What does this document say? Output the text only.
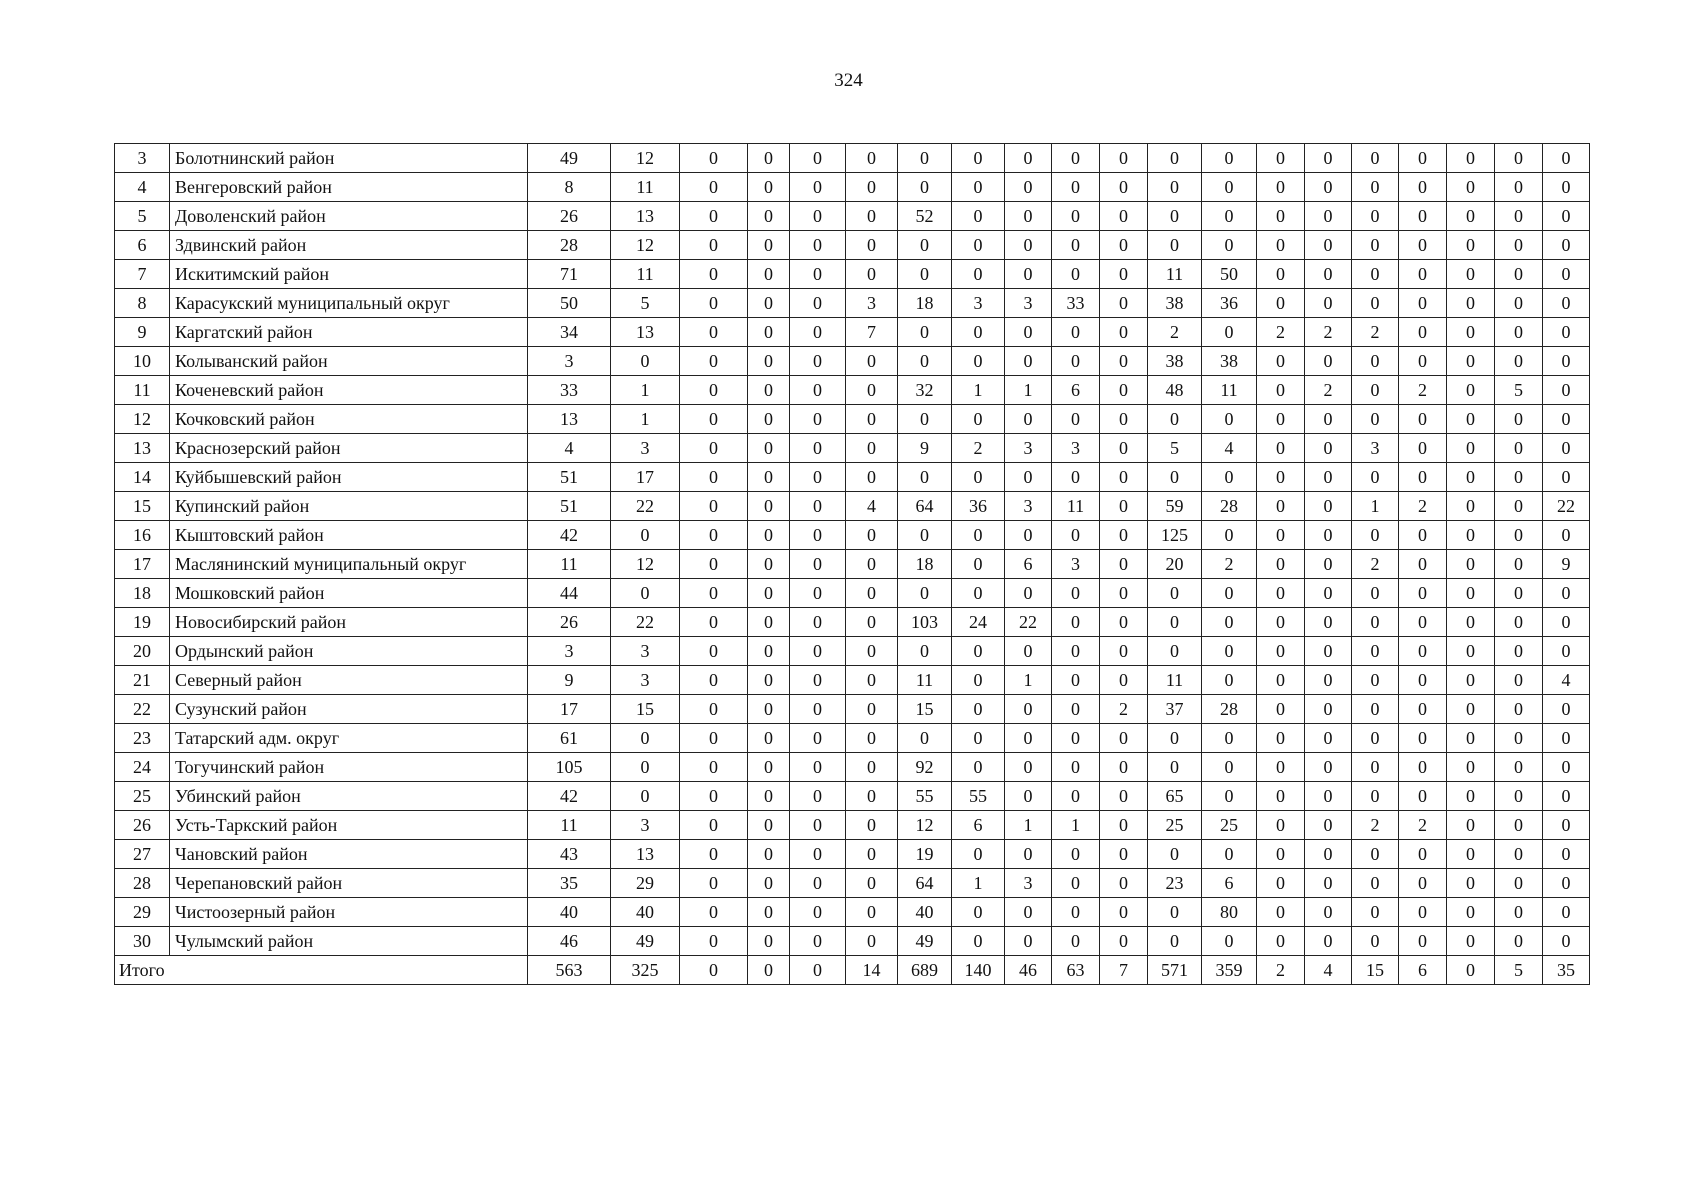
324
3	Болотнинский район	49	12	0	0	0	0	0	0	0	0	0	0	0	0	0	0	0	0	0	0
4	Венгеровский район	8	11	0	0	0	0	0	0	0	0	0	0	0	0	0	0	0	0	0	0
5	Доволенский район	26	13	0	0	0	0	52	0	0	0	0	0	0	0	0	0	0	0	0	0
6	Здвинский район	28	12	0	0	0	0	0	0	0	0	0	0	0	0	0	0	0	0	0	0
7	Искитимский район	71	11	0	0	0	0	0	0	0	0	0	11	50	0	0	0	0	0	0	0
8	Карасукский муниципальный округ	50	5	0	0	0	3	18	3	3	33	0	38	36	0	0	0	0	0	0	0
9	Каргатский район	34	13	0	0	0	7	0	0	0	0	0	2	0	2	2	2	0	0	0	0
10	Колыванский район	3	0	0	0	0	0	0	0	0	0	0	38	38	0	0	0	0	0	0	0
11	Коченевский район	33	1	0	0	0	0	32	1	1	6	0	48	11	0	2	0	2	0	5	0
12	Кочковский район	13	1	0	0	0	0	0	0	0	0	0	0	0	0	0	0	0	0	0	0
13	Краснозерский район	4	3	0	0	0	0	9	2	3	3	0	5	4	0	0	3	0	0	0	0
14	Куйбышевский район	51	17	0	0	0	0	0	0	0	0	0	0	0	0	0	0	0	0	0	0
15	Купинский район	51	22	0	0	0	4	64	36	3	11	0	59	28	0	0	1	2	0	0	22
16	Кыштовский район	42	0	0	0	0	0	0	0	0	0	0	125	0	0	0	0	0	0	0	0
17	Маслянинский муниципальный округ	11	12	0	0	0	0	18	0	6	3	0	20	2	0	0	2	0	0	0	9
18	Мошковский район	44	0	0	0	0	0	0	0	0	0	0	0	0	0	0	0	0	0	0	0
19	Новосибирский район	26	22	0	0	0	0	103	24	22	0	0	0	0	0	0	0	0	0	0	0
20	Ордынский район	3	3	0	0	0	0	0	0	0	0	0	0	0	0	0	0	0	0	0	0
21	Северный район	9	3	0	0	0	0	11	0	1	0	0	11	0	0	0	0	0	0	0	4
22	Сузунский район	17	15	0	0	0	0	15	0	0	0	2	37	28	0	0	0	0	0	0	0
23	Татарский адм. округ	61	0	0	0	0	0	0	0	0	0	0	0	0	0	0	0	0	0	0	0
24	Тогучинский район	105	0	0	0	0	0	92	0	0	0	0	0	0	0	0	0	0	0	0	0
25	Убинский район	42	0	0	0	0	0	55	55	0	0	0	65	0	0	0	0	0	0	0	0
26	Усть-Таркский район	11	3	0	0	0	0	12	6	1	1	0	25	25	0	0	2	2	0	0	0
27	Чановский район	43	13	0	0	0	0	19	0	0	0	0	0	0	0	0	0	0	0	0	0
28	Черепановский район	35	29	0	0	0	0	64	1	3	0	0	23	6	0	0	0	0	0	0	0
29	Чистоозерный район	40	40	0	0	0	0	40	0	0	0	0	0	80	0	0	0	0	0	0	0
30	Чулымский район	46	49	0	0	0	0	49	0	0	0	0	0	0	0	0	0	0	0	0	0
Итого		563	325	0	0	0	14	689	140	46	63	7	571	359	2	4	15	6	0	5	35
